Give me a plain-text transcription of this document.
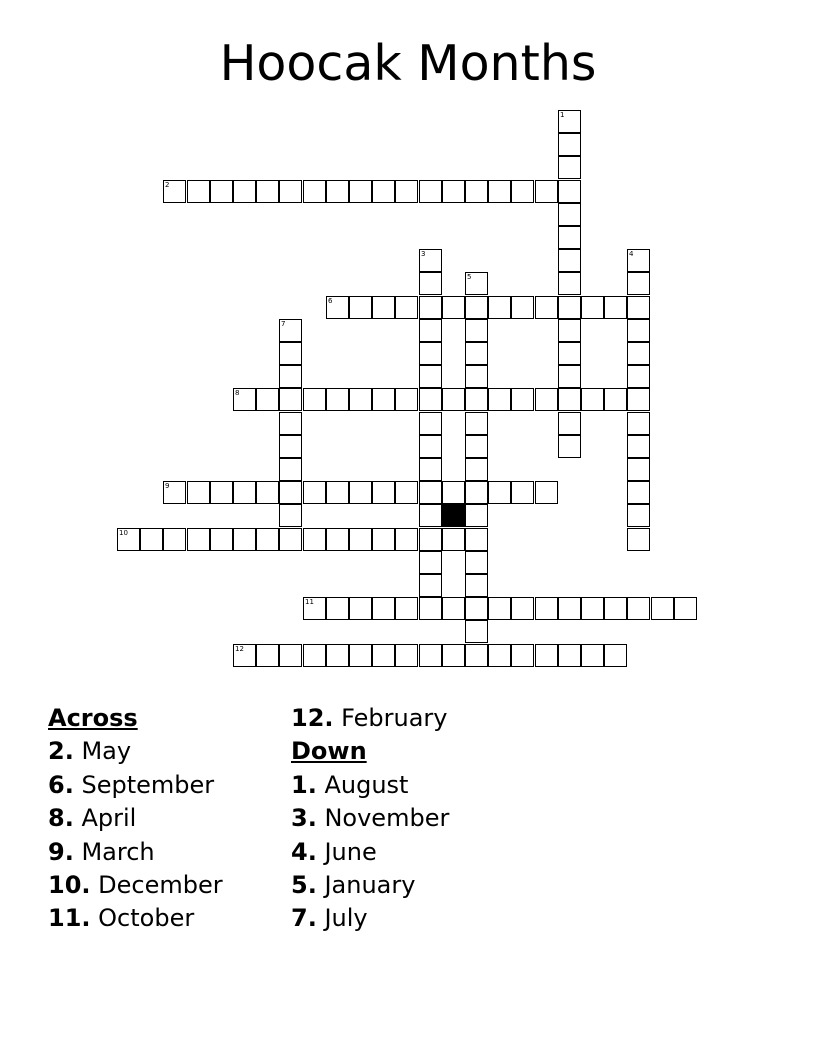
Hoocak Months
1
2
3	4
5
6
7
8
9
10
11
12
Across
2. May
6. September
8. April
9. March
10. December
11. October
12. February
Down
1. August
3. November
4. June
5. January
7. July
